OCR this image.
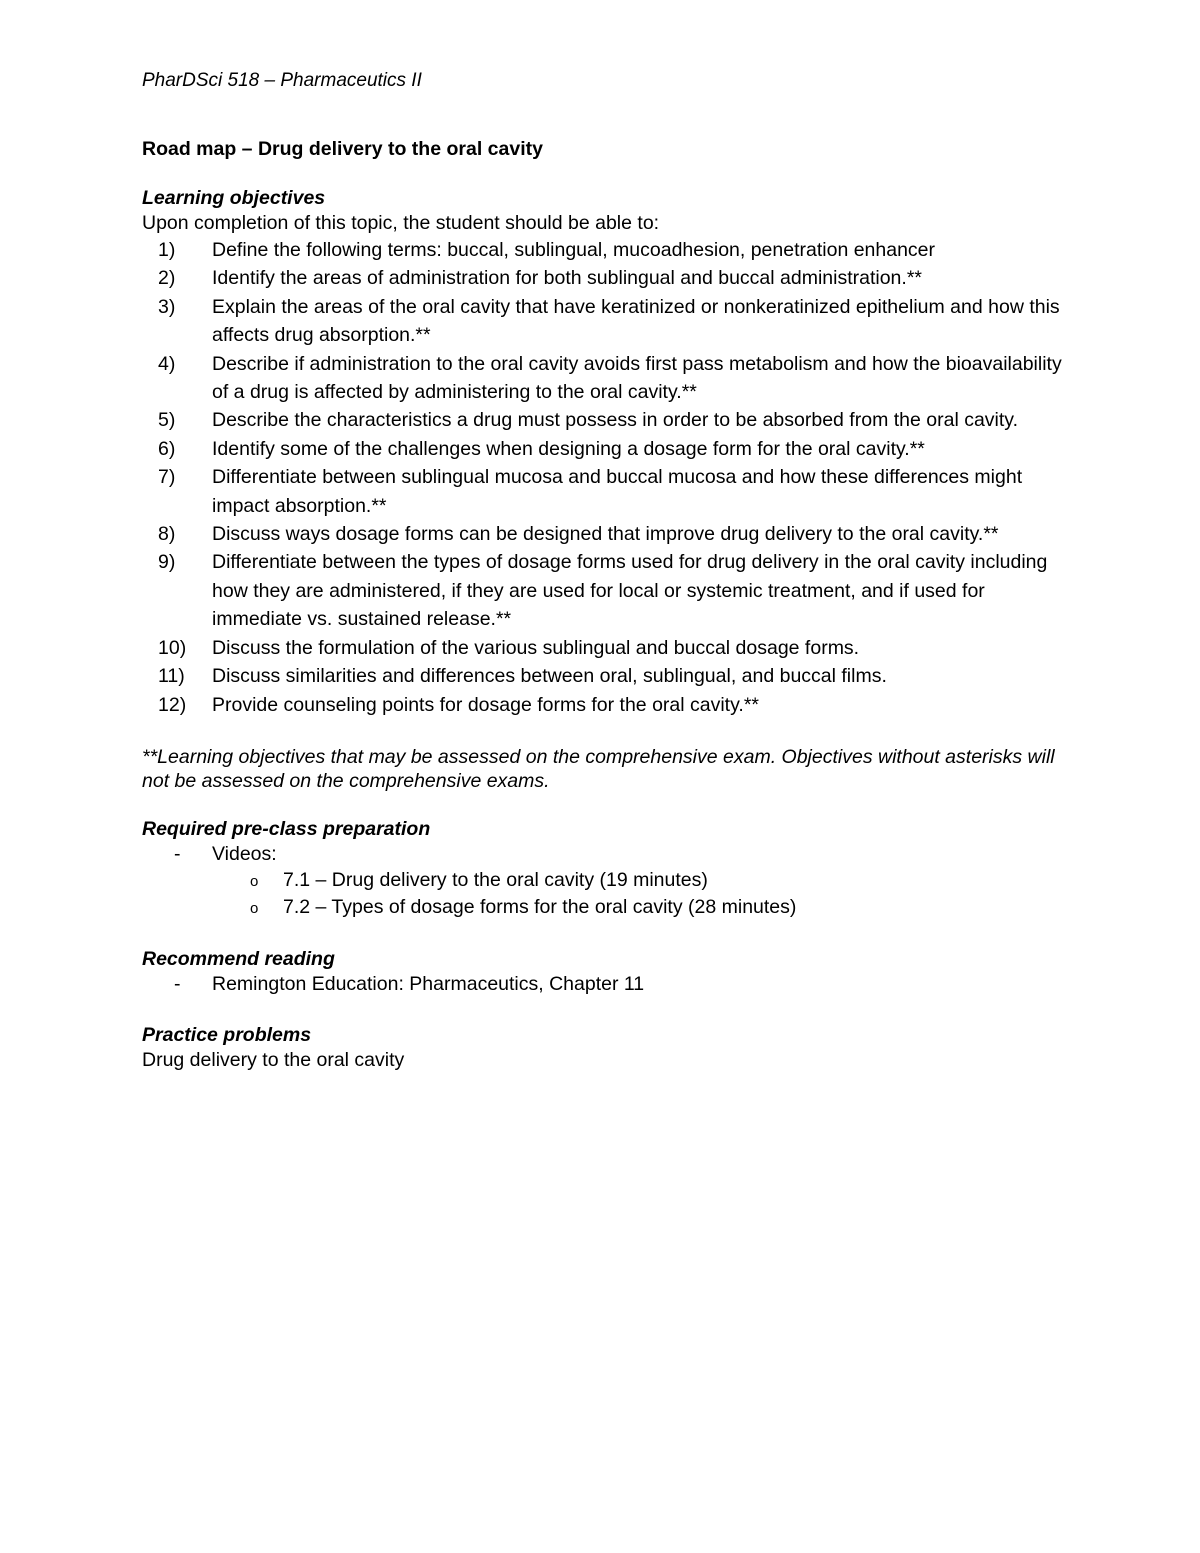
PharDSci 518 – Pharmaceutics II

Road map – Drug delivery to the oral cavity

Learning objectives

Upon completion of this topic, the student should be able to:

1) Define the following terms: buccal, sublingual, mucoadhesion, penetration enhancer
2) Identify the areas of administration for both sublingual and buccal administration.**
3) Explain the areas of the oral cavity that have keratinized or nonkeratinized epithelium and how this affects drug absorption.**
4) Describe if administration to the oral cavity avoids first pass metabolism and how the bioavailability of a drug is affected by administering to the oral cavity.**
5) Describe the characteristics a drug must possess in order to be absorbed from the oral cavity.
6) Identify some of the challenges when designing a dosage form for the oral cavity.**
7) Differentiate between sublingual mucosa and buccal mucosa and how these differences might impact absorption.**
8) Discuss ways dosage forms can be designed that improve drug delivery to the oral cavity.**
9) Differentiate between the types of dosage forms used for drug delivery in the oral cavity including how they are administered, if they are used for local or systemic treatment, and if used for immediate vs. sustained release.**
10) Discuss the formulation of the various sublingual and buccal dosage forms.
11) Discuss similarities and differences between oral, sublingual, and buccal films.
12) Provide counseling points for dosage forms for the oral cavity.**

**Learning objectives that may be assessed on the comprehensive exam. Objectives without asterisks will not be assessed on the comprehensive exams.

Required pre-class preparation

- Videos:
o 7.1 – Drug delivery to the oral cavity (19 minutes)
o 7.2 – Types of dosage forms for the oral cavity (28 minutes)

Recommend reading

- Remington Education: Pharmaceutics, Chapter 11

Practice problems

Drug delivery to the oral cavity
